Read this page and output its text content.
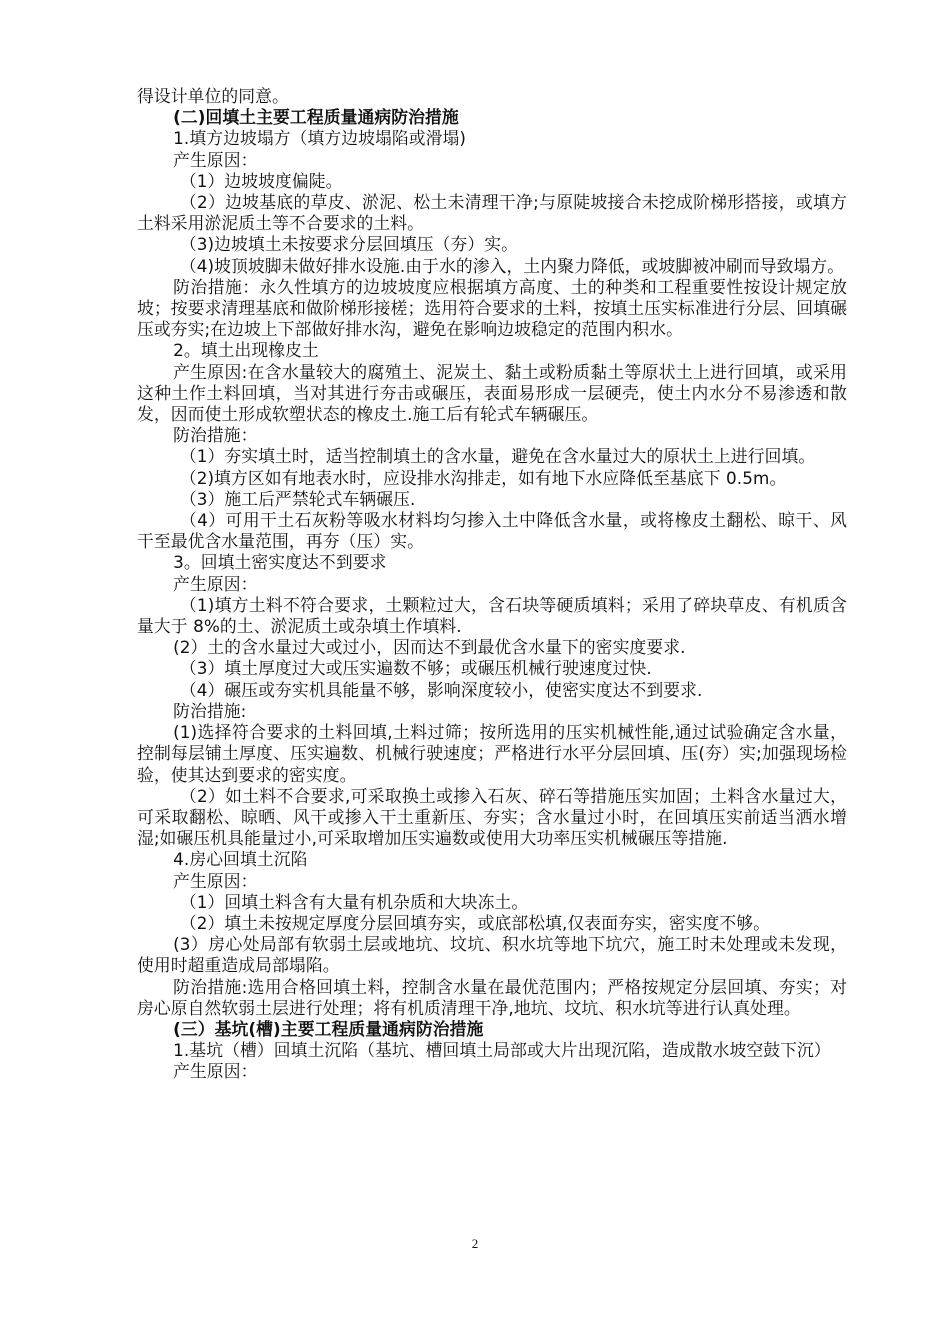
得设计单位的同意。

(二)回填土主要工程质量通病防治措施

1.填方边坡塌方（填方边坡塌陷或滑塌)

产生原因：

（1）边坡坡度偏陡。

（2）边坡基底的草皮、淤泥、松土未清理干净;与原陡坡接合未挖成阶梯形搭接，或填方土料采用淤泥质土等不合要求的土料。

（3)边坡填土未按要求分层回填压（夯）实。

（4)坡顶坡脚未做好排水设施.由于水的渗入，土内聚力降低，或坡脚被冲刷而导致塌方。

防治措施：永久性填方的边坡坡度应根据填方高度、土的种类和工程重要性按设计规定放坡；按要求清理基底和做阶梯形接槎；选用符合要求的土料，按填土压实标准进行分层、回填碾压或夯实;在边坡上下部做好排水沟，避免在影响边坡稳定的范围内积水。

2。填土出现橡皮土

产生原因:在含水量较大的腐殖土、泥炭土、黏土或粉质黏土等原状土上进行回填，或采用这种土作土料回填，当对其进行夯击或碾压，表面易形成一层硬壳，使土内水分不易渗透和散发，因而使土形成软塑状态的橡皮土.施工后有轮式车辆碾压。

防治措施：

（1）夯实填土时，适当控制填土的含水量，避免在含水量过大的原状土上进行回填。

（2)填方区如有地表水时，应设排水沟排走，如有地下水应降低至基底下 0.5m。

（3）施工后严禁轮式车辆碾压.

（4）可用干土石灰粉等吸水材料均匀掺入土中降低含水量，或将橡皮土翻松、晾干、风干至最优含水量范围，再夯（压）实。

3。回填土密实度达不到要求

产生原因：

（1)填方土料不符合要求，土颗粒过大，含石块等硬质填料；采用了碎块草皮、有机质含量大于 8%的土、淤泥质土或杂填土作填料.

(2）土的含水量过大或过小，因而达不到最优含水量下的密实度要求.

（3）填土厚度过大或压实遍数不够；或碾压机械行驶速度过快.

（4）碾压或夯实机具能量不够，影响深度较小，使密实度达不到要求.

防治措施:

(1)选择符合要求的土料回填,土料过筛；按所选用的压实机械性能,通过试验确定含水量，控制每层铺土厚度、压实遍数、机械行驶速度；严格进行水平分层回填、压(夯）实;加强现场检验，使其达到要求的密实度。

（2）如土料不合要求,可采取换土或掺入石灰、碎石等措施压实加固；土料含水量过大，可采取翻松、晾晒、风干或掺入干土重新压、夯实；含水量过小时，在回填压实前适当洒水增湿;如碾压机具能量过小,可采取增加压实遍数或使用大功率压实机械碾压等措施.

4.房心回填土沉陷

产生原因：

（1）回填土料含有大量有机杂质和大块冻土。

（2）填土未按规定厚度分层回填夯实，或底部松填,仅表面夯实，密实度不够。

(3）房心处局部有软弱土层或地坑、坟坑、积水坑等地下坑穴，施工时未处理或未发现，使用时超重造成局部塌陷。

防治措施:选用合格回填土料，控制含水量在最优范围内；严格按规定分层回填、夯实；对房心原自然软弱土层进行处理；将有机质清理干净,地坑、坟坑、积水坑等进行认真处理。

(三）基坑(槽)主要工程质量通病防治措施

1.基坑（槽）回填土沉陷（基坑、槽回填土局部或大片出现沉陷，造成散水坡空鼓下沉）

产生原因：

2
